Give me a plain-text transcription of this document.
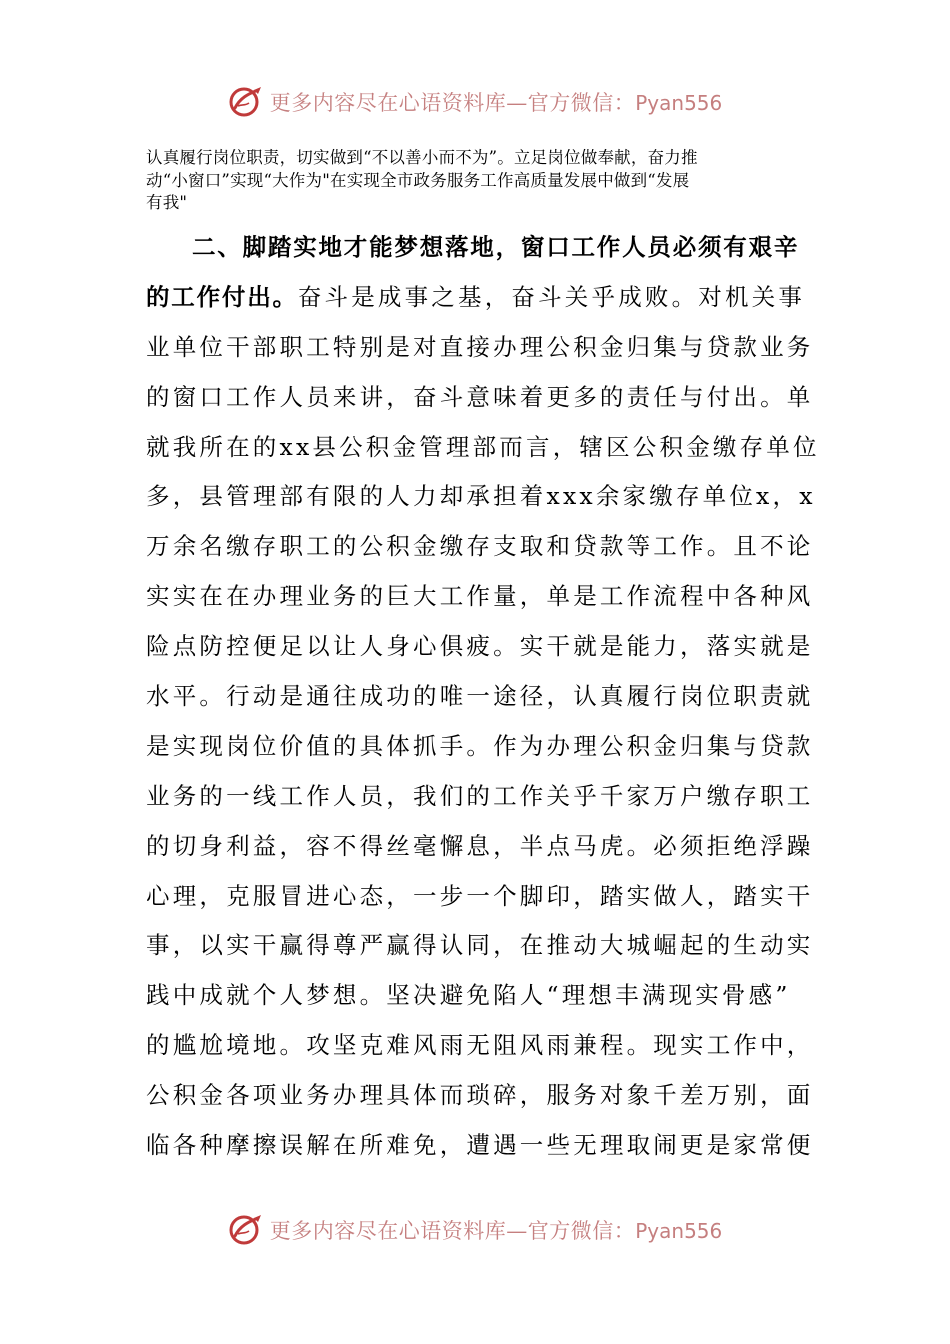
更多内容尽在心语资料库—官方微信：Pyan556

认真履行岗位职责，切实做到“不以善小而不为”。立足岗位做奉献，奋力推

动“小窗口”实现“大作为"在实现全市政务服务工作高质量发展中做到“发展

有我"

二、脚踏实地才能梦想落地，窗口工作人员必须有艰辛
的工作付出。奋斗是成事之基，奋斗关乎成败。对机关事
业单位干部职工特别是对直接办理公积金归集与贷款业务
的窗口工作人员来讲，奋斗意味着更多的责任与付出。单
就我所在的xx县公积金管理部而言，辖区公积金缴存单位
多，县管理部有限的人力却承担着xxx余家缴存单位x，x
万余名缴存职工的公积金缴存支取和贷款等工作。且不论
实实在在办理业务的巨大工作量，单是工作流程中各种风
险点防控便足以让人身心俱疲。实干就是能力，落实就是
水平。行动是通往成功的唯一途径，认真履行岗位职责就
是实现岗位价值的具体抓手。作为办理公积金归集与贷款
业务的一线工作人员，我们的工作关乎千家万户缴存职工
的切身利益，容不得丝毫懈息，半点马虎。必须拒绝浮躁
心理，克服冒进心态，一步一个脚印，踏实做人，踏实干
事，以实干赢得尊严赢得认同，在推动大城崛起的生动实
践中成就个人梦想。坚决避免陷人“理想丰满现实骨感”
的尴尬境地。攻坚克难风雨无阻风雨兼程。现实工作中，
公积金各项业务办理具体而琐碎，服务对象千差万别，面
临各种摩擦误解在所难免，遭遇一些无理取闹更是家常便
更多内容尽在心语资料库—官方微信：Pyan556
